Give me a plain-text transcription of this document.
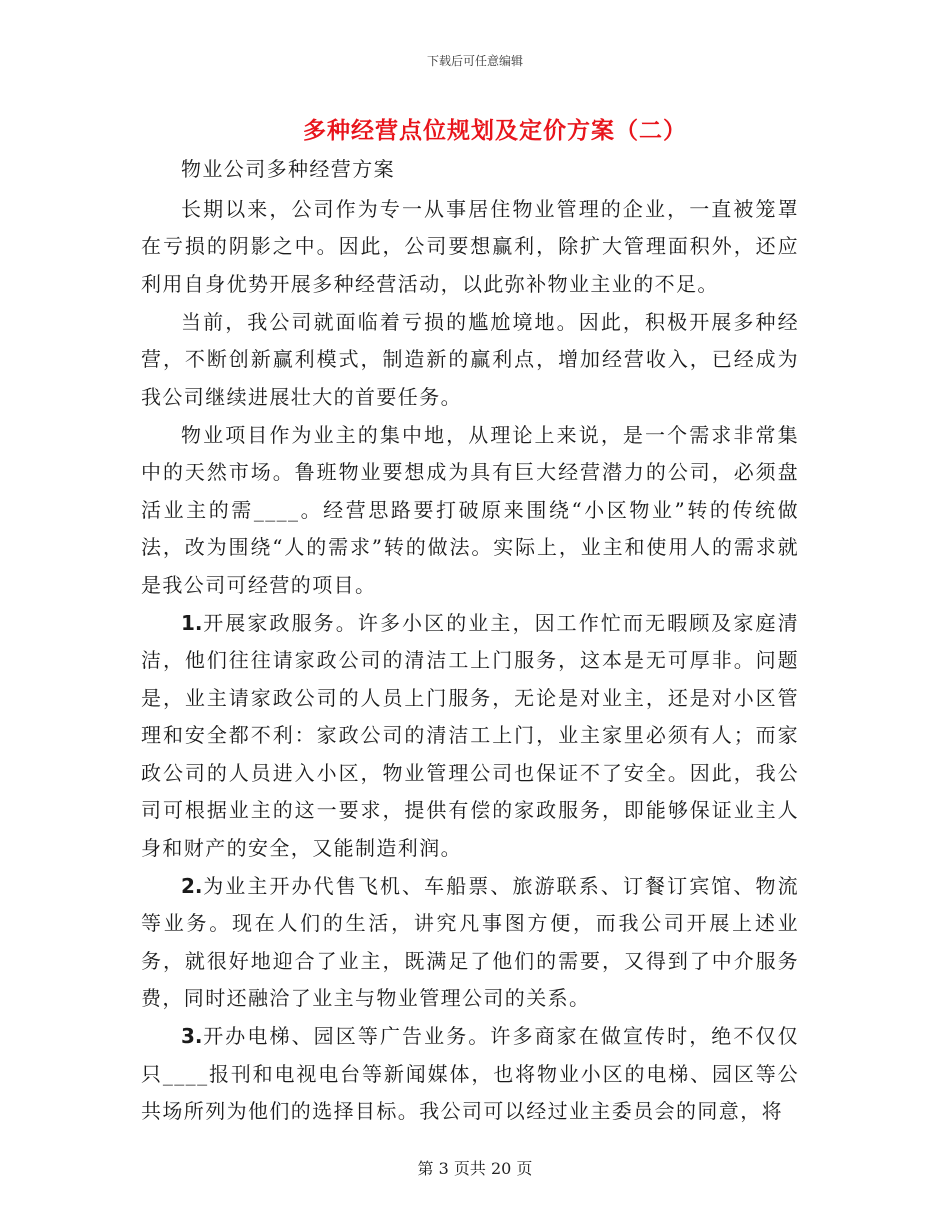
下载后可任意编辑
多种经营点位规划及定价方案（二）

物业公司多种经营方案

长期以来，公司作为专一从事居住物业管理的企业，一直被笼罩在亏损的阴影之中。因此，公司要想赢利，除扩大管理面积外，还应利用自身优势开展多种经营活动，以此弥补物业主业的不足。

当前，我公司就面临着亏损的尴尬境地。因此，积极开展多种经营，不断创新赢利模式，制造新的赢利点，增加经营收入，已经成为我公司继续进展壮大的首要任务。

物业项目作为业主的集中地，从理论上来说，是一个需求非常集中的天然市场。鲁班物业要想成为具有巨大经营潜力的公司，必须盘活业主的需____。经营思路要打破原来围绕“小区物业”转的传统做法，改为围绕“人的需求”转的做法。实际上，业主和使用人的需求就是我公司可经营的项目。

1.开展家政服务。许多小区的业主，因工作忙而无暇顾及家庭清洁，他们往往请家政公司的清洁工上门服务，这本是无可厚非。问题是，业主请家政公司的人员上门服务，无论是对业主，还是对小区管理和安全都不利：家政公司的清洁工上门，业主家里必须有人；而家政公司的人员进入小区，物业管理公司也保证不了安全。因此，我公司可根据业主的这一要求，提供有偿的家政服务，即能够保证业主人身和财产的安全，又能制造利润。

2.为业主开办代售飞机、车船票、旅游联系、订餐订宾馆、物流等业务。现在人们的生活，讲究凡事图方便，而我公司开展上述业务，就很好地迎合了业主，既满足了他们的需要，又得到了中介服务费，同时还融洽了业主与物业管理公司的关系。

3.开办电梯、园区等广告业务。许多商家在做宣传时，绝不仅仅只____报刊和电视电台等新闻媒体，也将物业小区的电梯、园区等公共场所列为他们的选择目标。我公司可以经过业主委员会的同意，将

第 3 页共 20 页
